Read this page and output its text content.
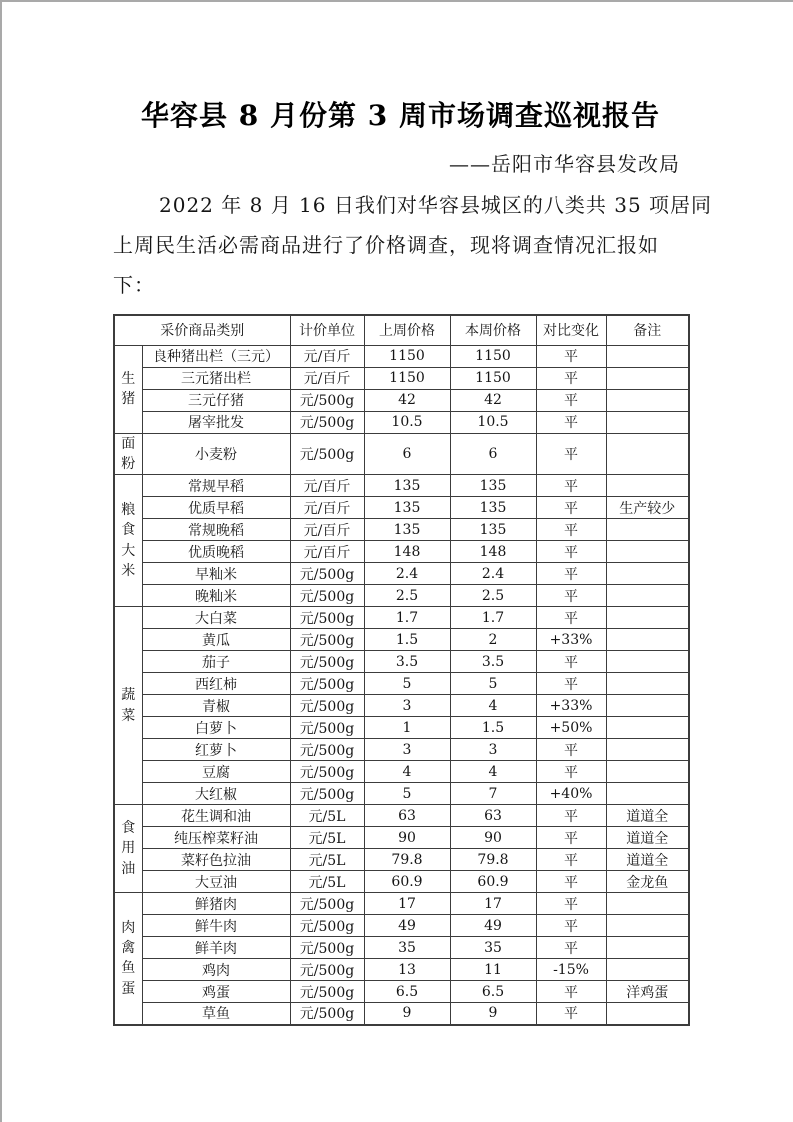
华容县 8 月份第 3 周市场调查巡视报告
——岳阳市华容县发改局
2022 年 8 月 16 日我们对华容县城区的八类共 35 项居同
上周民生活必需商品进行了价格调查，现将调查情况汇报如
下：
采价商品类别		计价单位	上周价格	本周价格	对比变化	备注
生
猪	良种猪出栏（三元）	元/百斤	1150	1150	平	
	三元猪出栏	元/百斤	1150	1150	平	
	三元仔猪	元/500g	42	42	平	
	屠宰批发	元/500g	10.5	10.5	平	
面
粉	小麦粉	元/500g	6	6	平	
粮
食
大
米	常规早稻	元/百斤	135	135	平	
	优质早稻	元/百斤	135	135	平	生产较少
	常规晚稻	元/百斤	135	135	平	
	优质晚稻	元/百斤	148	148	平	
	早籼米	元/500g	2.4	2.4	平	
	晚籼米	元/500g	2.5	2.5	平	
蔬
菜	大白菜	元/500g	1.7	1.7	平	
	黄瓜	元/500g	1.5	2	+33%	
	茄子	元/500g	3.5	3.5	平	
	西红柿	元/500g	5	5	平	
	青椒	元/500g	3	4	+33%	
	白萝卜	元/500g	1	1.5	+50%	
	红萝卜	元/500g	3	3	平	
	豆腐	元/500g	4	4	平	
	大红椒	元/500g	5	7	+40%	
食
用
油	花生调和油	元/5L	63	63	平	道道全
	纯压榨菜籽油	元/5L	90	90	平	道道全
	菜籽色拉油	元/5L	79.8	79.8	平	道道全
	大豆油	元/5L	60.9	60.9	平	金龙鱼
肉
禽
鱼
蛋	鲜猪肉	元/500g	17	17	平	
	鲜牛肉	元/500g	49	49	平	
	鲜羊肉	元/500g	35	35	平	
	鸡肉	元/500g	13	11	-15%	
	鸡蛋	元/500g	6.5	6.5	平	洋鸡蛋
	草鱼	元/500g	9	9	平	
